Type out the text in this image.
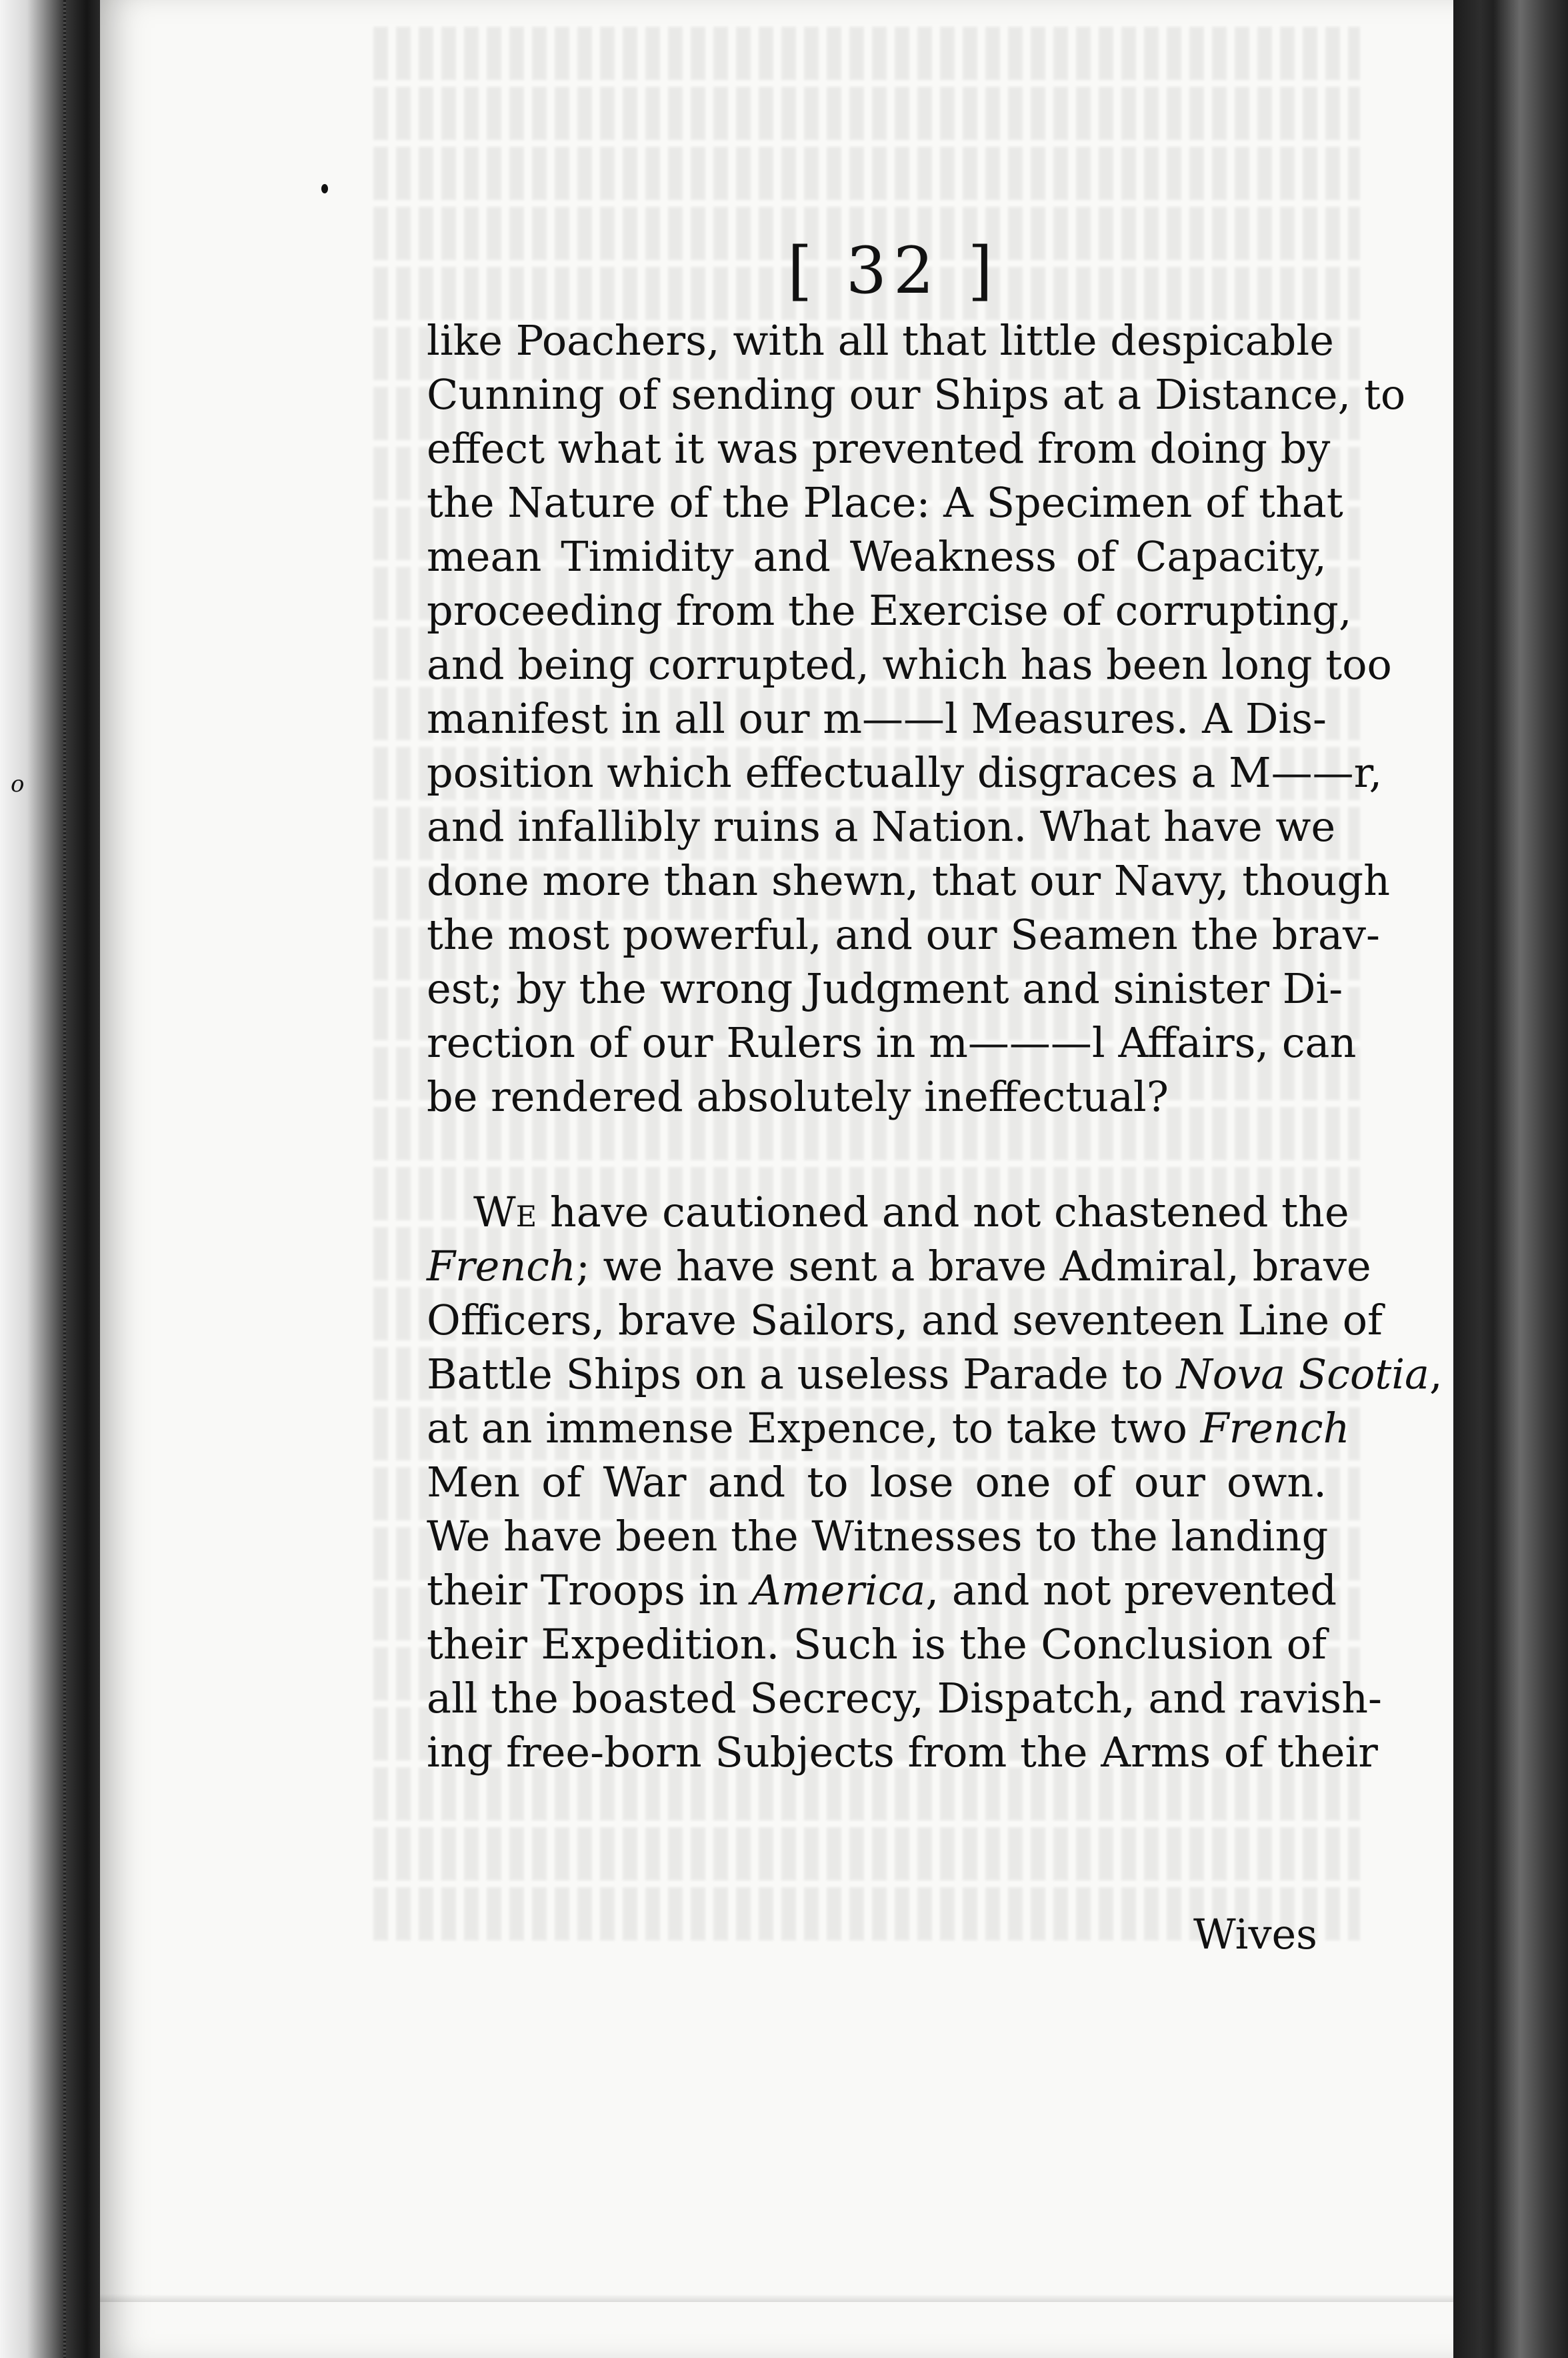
o
[ 32 ]
like Poachers, with all that little despicable
Cunning of sending our Ships at a Distance, to
effect what it was prevented from doing by
the Nature of the Place: A Specimen of that
mean Timidity and Weakness of Capacity,
proceeding from the Exercise of corrupting,
and being corrupted, which has been long too
manifest in all our m——l Measures. A Dis-
position which effectually disgraces a M——r,
and infallibly ruins a Nation. What have we
done more than shewn, that our Navy, though
the most powerful, and our Seamen the brav-
est; by the wrong Judgment and sinister Di-
rection of our Rulers in m———l Affairs, can
be rendered absolutely ineffectual?
We have cautioned and not chastened the
French; we have sent a brave Admiral, brave
Officers, brave Sailors, and seventeen Line of
Battle Ships on a useless Parade to Nova Scotia
at an immense Expence, to take two French
Men of War and to lose one of our own.
We have been the Witnesses to the landing
their Troops in America, and not prevented
their Expedition. Such is the Conclusion of
all the boasted Secrecy, Dispatch, and ravish-
ing free-born Subjects from the Arms of their
Wives
